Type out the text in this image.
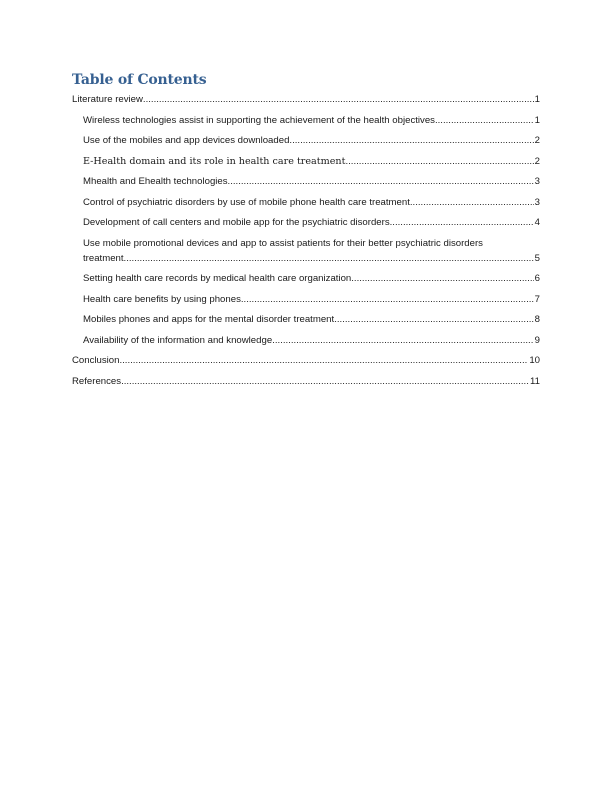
Table of Contents
Literature review .....	1
Wireless technologies assist in supporting the achievement of the health objectives .....	1
Use of the mobiles and app devices downloaded .....	2
E-Health domain and its role in health care treatment .....	2
Mhealth and Ehealth technologies .....	3
Control of psychiatric disorders by use of mobile phone health care treatment .....	3
Development of call centers and mobile app for the psychiatric disorders .....	4
Use mobile promotional devices and app to assist patients for their better psychiatric disorders
treatment .....	5
Setting health care records by medical health care organization .....	6
Health care benefits by using phones .....	7
Mobiles phones and apps for the mental disorder treatment .....	8
Availability of the information and knowledge .....	9
Conclusion .....	10
References .....	11
